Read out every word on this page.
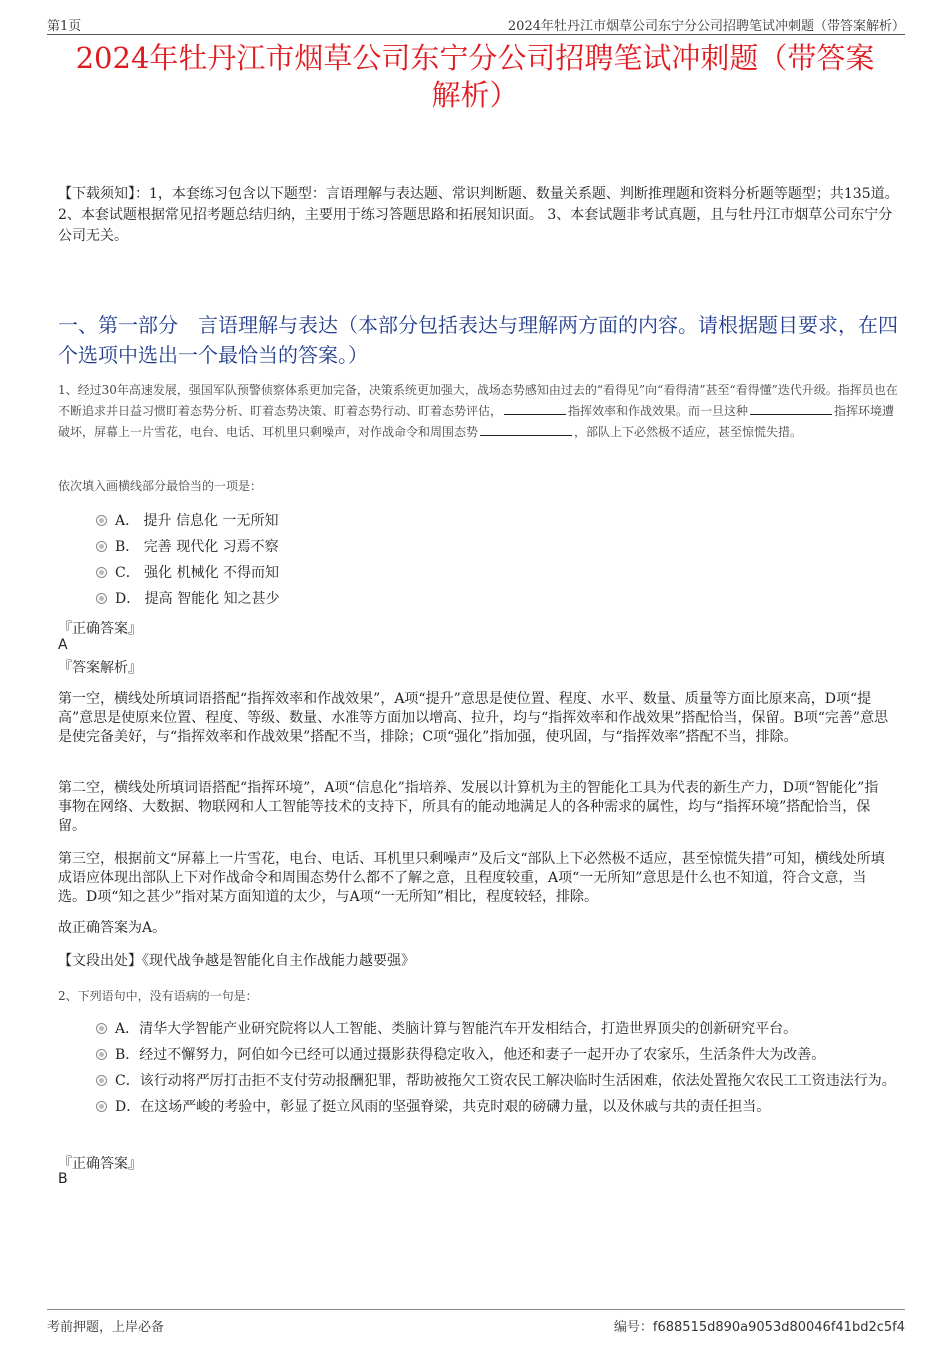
第1页	2024年牡丹江市烟草公司东宁分公司招聘笔试冲刺题（带答案解析）
2024年牡丹江市烟草公司东宁分公司招聘笔试冲刺题（带答案
解析）
【下载须知】：1，本套练习包含以下题型：言语理解与表达题、常识判断题、数量关系题、判断推理题和资料分析题等题型；共135道。 2、本套试题根据常见招考题总结归纳，主要用于练习答题思路和拓展知识面。 3、本套试题非考试真题，且与牡丹江市烟草公司东宁分公司无关。
一、第一部分　言语理解与表达（本部分包括表达与理解两方面的内容。请根据题目要求，在四个选项中选出一个最恰当的答案。）
1、经过30年高速发展，强国军队预警侦察体系更加完备，决策系统更加强大，战场态势感知由过去的“看得见”向“看得清”甚至“看得懂”迭代升级。指挥员也在不断追求并日益习惯盯着态势分析、盯着态势决策、盯着态势行动、盯着态势评估，	指挥效率和作战效果。而一旦这种	指挥环境遭破坏，屏幕上一片雪花，电台、电话、耳机里只剩噪声，对作战命令和周围态势	，部队上下必然极不适应，甚至惊慌失措。
依次填入画横线部分最恰当的一项是：
A． 提升 信息化 一无所知
B． 完善 现代化 习焉不察
C． 强化 机械化 不得而知
D． 提高 智能化 知之甚少
『正确答案』
A
『答案解析』
第一空，横线处所填词语搭配“指挥效率和作战效果”，A项“提升”意思是使位置、程度、水平、数量、质量等方面比原来高，D项“提高”意思是使原来位置、程度、等级、数量、水准等方面加以增高、拉升，均与“指挥效率和作战效果”搭配恰当，保留。B项“完善”意思是使完备美好，与“指挥效率和作战效果”搭配不当，排除；C项“强化”指加强，使巩固，与“指挥效率”搭配不当，排除。
第二空，横线处所填词语搭配“指挥环境”，A项“信息化”指培养、发展以计算机为主的智能化工具为代表的新生产力，D项“智能化”指事物在网络、大数据、物联网和人工智能等技术的支持下，所具有的能动地满足人的各种需求的属性，均与“指挥环境”搭配恰当，保留。
第三空，根据前文“屏幕上一片雪花，电台、电话、耳机里只剩噪声”及后文“部队上下必然极不适应，甚至惊慌失措”可知，横线处所填成语应体现出部队上下对作战命令和周围态势什么都不了解之意，且程度较重，A项“一无所知”意思是什么也不知道，符合文意，当选。D项“知之甚少”指对某方面知道的太少，与A项“一无所知”相比，程度较轻，排除。
故正确答案为A。
【文段出处】《现代战争越是智能化自主作战能力越要强》
2、下列语句中，没有语病的一句是：
A．清华大学智能产业研究院将以人工智能、类脑计算与智能汽车开发相结合，打造世界顶尖的创新研究平台。
B．经过不懈努力，阿伯如今已经可以通过摄影获得稳定收入，他还和妻子一起开办了农家乐，生活条件大为改善。
C．该行动将严厉打击拒不支付劳动报酬犯罪，帮助被拖欠工资农民工解决临时生活困难，依法处置拖欠农民工工资违法行为。
D．在这场严峻的考验中，彰显了挺立风雨的坚强脊梁，共克时艰的磅礴力量，以及休戚与共的责任担当。
『正确答案』
B
考前押题，上岸必备	编号：f688515d890a9053d80046f41bd2c5f4
